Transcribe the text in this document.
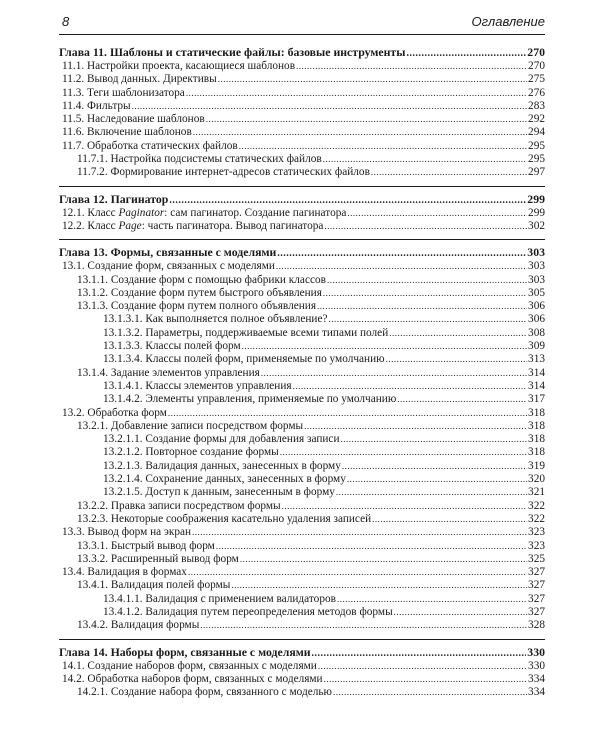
8	Оглавление
Глава 11. Шаблоны и статические файлы: базовые инструменты .....	270
11.1. Настройки проекта, касающиеся шаблонов .....	270
11.2. Вывод данных. Директивы .....	275
11.3. Теги шаблонизатора .....	276
11.4. Фильтры .....	283
11.5. Наследование шаблонов .....	292
11.6. Включение шаблонов .....	294
11.7. Обработка статических файлов .....	295
11.7.1. Настройка подсистемы статических файлов .....	295
11.7.2. Формирование интернет-адресов статических файлов .....	297
Глава 12. Пагинатор .....	299
12.1. Класс Paginator: сам пагинатор. Создание пагинатора .....	299
12.2. Класс Page: часть пагинатора. Вывод пагинатора .....	302
Глава 13. Формы, связанные с моделями .....	303
13.1. Создание форм, связанных с моделями .....	303
13.1.1. Создание форм с помощью фабрики классов .....	303
13.1.2. Создание форм путем быстрого объявления .....	305
13.1.3. Создание форм путем полного объявления .....	306
13.1.3.1. Как выполняется полное объявление? .....	306
13.1.3.2. Параметры, поддерживаемые всеми типами полей .....	308
13.1.3.3. Классы полей форм .....	309
13.1.3.4. Классы полей форм, применяемые по умолчанию .....	313
13.1.4. Задание элементов управления .....	314
13.1.4.1. Классы элементов управления .....	314
13.1.4.2. Элементы управления, применяемые по умолчанию .....	317
13.2. Обработка форм .....	318
13.2.1. Добавление записи посредством формы .....	318
13.2.1.1. Создание формы для добавления записи .....	318
13.2.1.2. Повторное создание формы .....	318
13.2.1.3. Валидация данных, занесенных в форму .....	319
13.2.1.4. Сохранение данных, занесенных в форму .....	320
13.2.1.5. Доступ к данным, занесенным в форму .....	321
13.2.2. Правка записи посредством формы .....	322
13.2.3. Некоторые соображения касательно удаления записей .....	322
13.3. Вывод форм на экран .....	323
13.3.1. Быстрый вывод форм .....	323
13.3.2. Расширенный вывод форм .....	325
13.4. Валидация в формах .....	327
13.4.1. Валидация полей формы .....	327
13.4.1.1. Валидация с применением валидаторов .....	327
13.4.1.2. Валидация путем переопределения методов формы .....	327
13.4.2. Валидация формы .....	328
Глава 14. Наборы форм, связанные с моделями .....	330
14.1. Создание наборов форм, связанных с моделями .....	330
14.2. Обработка наборов форм, связанных с моделями .....	334
14.2.1. Создание набора форм, связанного с моделью .....	334
